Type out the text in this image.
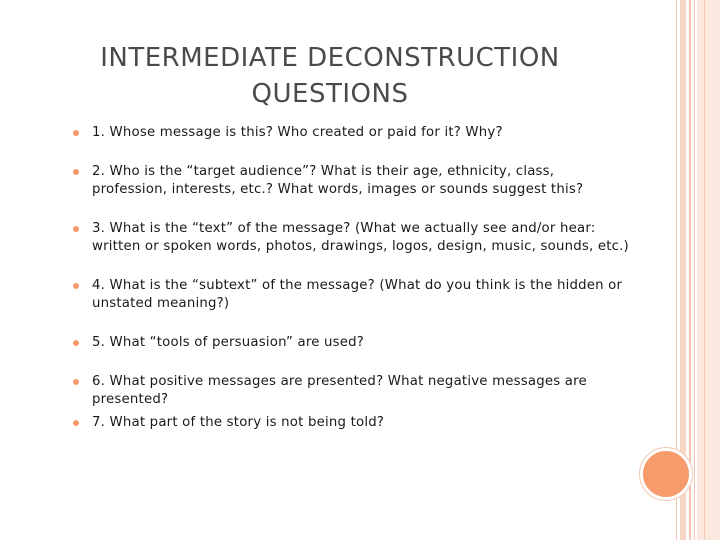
INTERMEDIATE DECONSTRUCTION
QUESTIONS
1. Whose message is this? Who created or paid for it? Why?
2. Who is the “target audience”? What is their age, ethnicity, class, profession, interests, etc.? What words, images or sounds suggest this?
3. What is the “text” of the message? (What we actually see and/or hear: written or spoken words, photos, drawings, logos, design, music, sounds, etc.)
4. What is the “subtext” of the message? (What do you think is the hidden or unstated meaning?)
5. What “tools of persuasion” are used?
6. What positive messages are presented? What negative messages are presented?
7. What part of the story is not being told?
